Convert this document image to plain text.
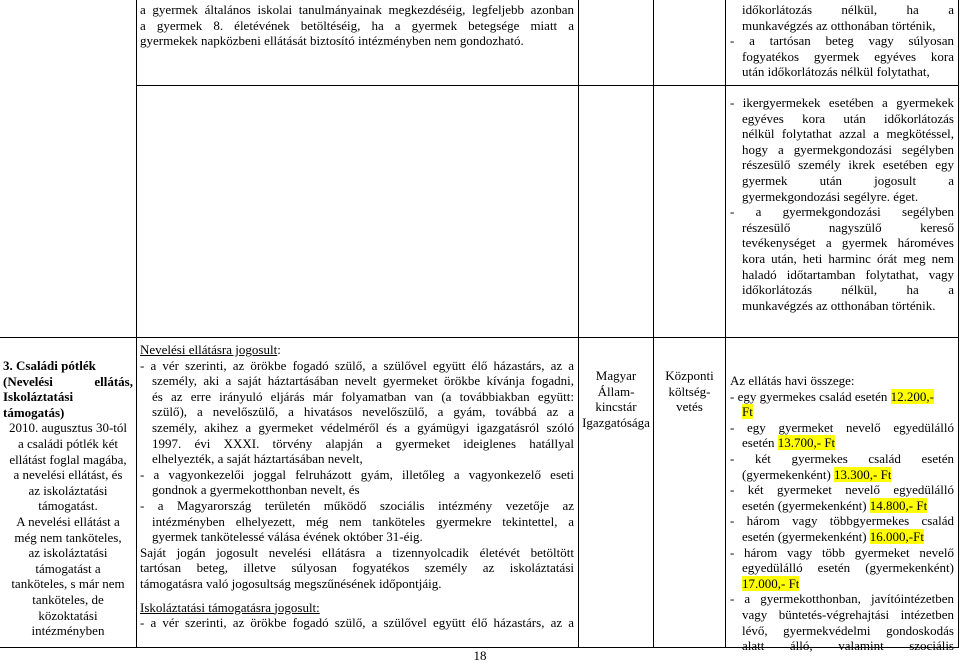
a gyermek általános iskolai tanulmányainak megkezdéséig, legfeljebb azonban
a gyermek 8. életévének betöltéséig, ha a gyermek betegsége miatt a
gyermekek napközbeni ellátását biztosító intézményben nem gondozható.
időkorlátozás nélkül, ha a
munkavégzés az otthonában történik,
- a tartósan beteg vagy súlyosan
fogyatékos gyermek egyéves kora
után időkorlátozás nélkül folytathat,
- ikergyermekek esetében a gyermekek
egyéves kora után időkorlátozás
nélkül folytathat azzal a megkötéssel,
hogy a gyermekgondozási segélyben
részesülő személy ikrek esetében egy
gyermek után jogosult a
gyermekgondozási segélyre. éget.
- a gyermekgondozási segélyben
részesülő nagyszülő kereső
tevékenységet a gyermek hároméves
kora után, heti harminc órát meg nem
haladó időtartamban folytathat, vagy
időkorlátozás nélkül, ha a
munkavégzés az otthonában történik.
3. Családi pótlék
(Nevelési ellátás,
Iskoláztatási
támogatás)
2010. augusztus 30-tól
a családi pótlék két
ellátást foglal magába,
a nevelési ellátást, és
az iskoláztatási
támogatást.
A nevelési ellátást a
még nem tanköteles,
az iskoláztatási
támogatást a
tanköteles, s már nem
tanköteles, de
közoktatási
intézményben
Nevelési ellátásra jogosult:
- a vér szerinti, az örökbe fogadó szülő, a szülővel együtt élő házastárs, az a
személy, aki a saját háztartásában nevelt gyermeket örökbe kívánja fogadni,
és az erre irányuló eljárás már folyamatban van (a továbbiakban együtt:
szülő), a nevelőszülő, a hivatásos nevelőszülő, a gyám, továbbá az a
személy, akihez a gyermeket védelméről és a gyámügyi igazgatásról szóló
1997. évi XXXI. törvény alapján a gyermeket ideiglenes hatállyal
elhelyezték, a saját háztartásában nevelt,
- a vagyonkezelői joggal felruházott gyám, illetőleg a vagyonkezelő eseti
gondnok a gyermekotthonban nevelt, és
- a Magyarország területén működő szociális intézmény vezetője az
intézményben elhelyezett, még nem tanköteles gyermekre tekintettel, a
gyermek tankötelessé válása évének október 31-éig.
Saját jogán jogosult nevelési ellátásra a tizennyolcadik életévét betöltött
tartósan beteg, illetve súlyosan fogyatékos személy az iskoláztatási
támogatásra való jogosultság megszűnésének időpontjáig.
Iskoláztatási támogatásra jogosult:
- a vér szerinti, az örökbe fogadó szülő, a szülővel együtt élő házastárs, az a
Magyar
Állam-
kincstár
Igazgatósága
Központi
költség-
vetés
Az ellátás havi összege:
- egy gyermekes család esetén 12.200,-
Ft
- egy gyermeket nevelő egyedülálló
esetén 13.700,- Ft
- két gyermekes család esetén
(gyermekenként) 13.300,- Ft
- két gyermeket nevelő egyedülálló
esetén (gyermekenként) 14.800,- Ft
- három vagy többgyermekes család
esetén (gyermekenként) 16.000,-Ft
- három vagy több gyermeket nevelő
egyedülálló esetén (gyermekenként)
17.000,- Ft
- a gyermekotthonban, javítóintézetben
vagy büntetés-végrehajtási intézetben
lévő, gyermekvédelmi gondoskodás
alatt álló, valamint szociális
18
